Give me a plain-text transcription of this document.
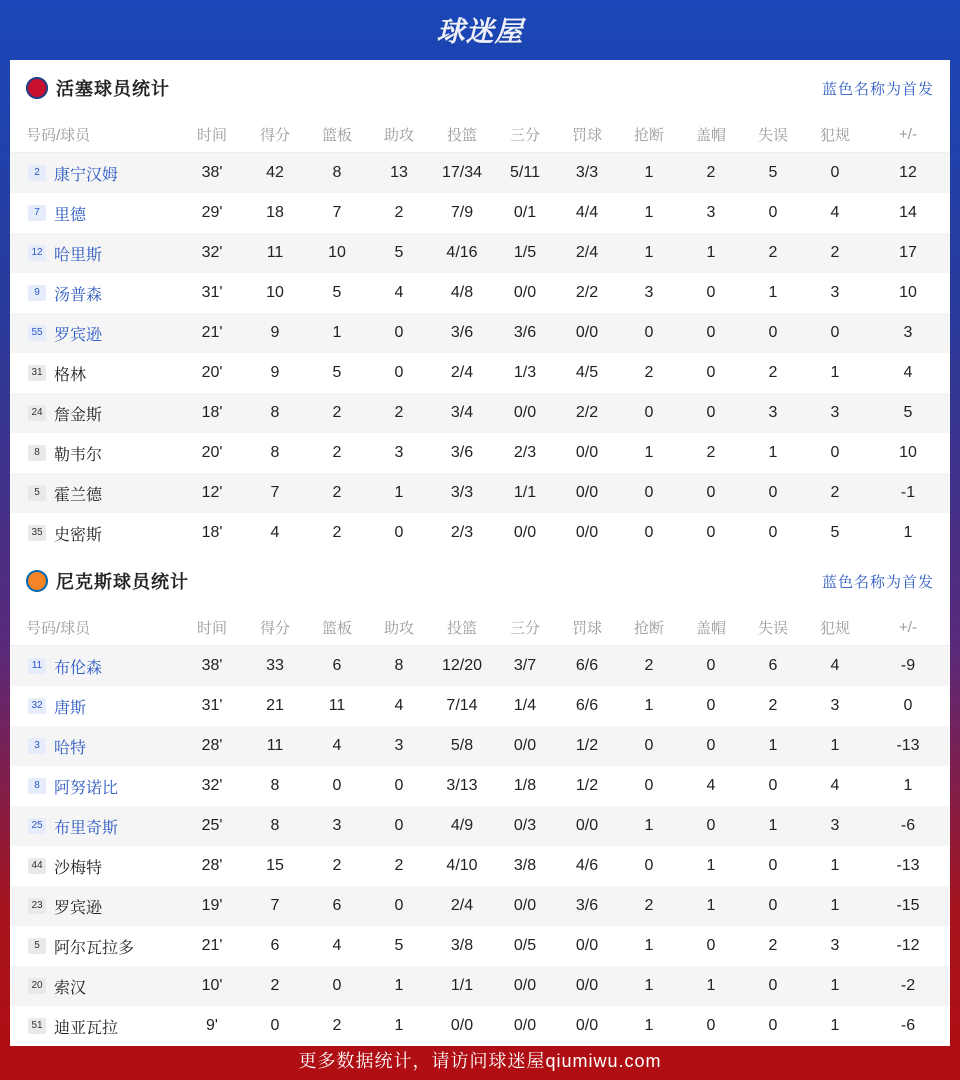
球迷屋
活塞球员统计	蓝色名称为首发
号码/球员	时间	得分	篮板	助攻	投篮	三分	罚球	抢断	盖帽	失误	犯规	+/-
2 康宁汉姆	38'	42	8	13	17/34	5/11	3/3	1	2	5	0	12
7 里德	29'	18	7	2	7/9	0/1	4/4	1	3	0	4	14
12 哈里斯	32'	11	10	5	4/16	1/5	2/4	1	1	2	2	17
9 汤普森	31'	10	5	4	4/8	0/0	2/2	3	0	1	3	10
55 罗宾逊	21'	9	1	0	3/6	3/6	0/0	0	0	0	0	3
31 格林	20'	9	5	0	2/4	1/3	4/5	2	0	2	1	4
24 詹金斯	18'	8	2	2	3/4	0/0	2/2	0	0	3	3	5
8 勒韦尔	20'	8	2	3	3/6	2/3	0/0	1	2	1	0	10
5 霍兰德	12'	7	2	1	3/3	1/1	0/0	0	0	0	2	-1
35 史密斯	18'	4	2	0	2/3	0/0	0/0	0	0	0	5	1
尼克斯球员统计	蓝色名称为首发
号码/球员	时间	得分	篮板	助攻	投篮	三分	罚球	抢断	盖帽	失误	犯规	+/-
11 布伦森	38'	33	6	8	12/20	3/7	6/6	2	0	6	4	-9
32 唐斯	31'	21	11	4	7/14	1/4	6/6	1	0	2	3	0
3 哈特	28'	11	4	3	5/8	0/0	1/2	0	0	1	1	-13
8 阿努诺比	32'	8	0	0	3/13	1/8	1/2	0	4	0	4	1
25 布里奇斯	25'	8	3	0	4/9	0/3	0/0	1	0	1	3	-6
44 沙梅特	28'	15	2	2	4/10	3/8	4/6	0	1	0	1	-13
23 罗宾逊	19'	7	6	0	2/4	0/0	3/6	2	1	0	1	-15
5 阿尔瓦拉多	21'	6	4	5	3/8	0/5	0/0	1	0	2	3	-12
20 索汉	10'	2	0	1	1/1	0/0	0/0	1	1	0	1	-2
51 迪亚瓦拉	9'	0	2	1	0/0	0/0	0/0	1	0	0	1	-6
更多数据统计，请访问球迷屋qiumiwu.com
